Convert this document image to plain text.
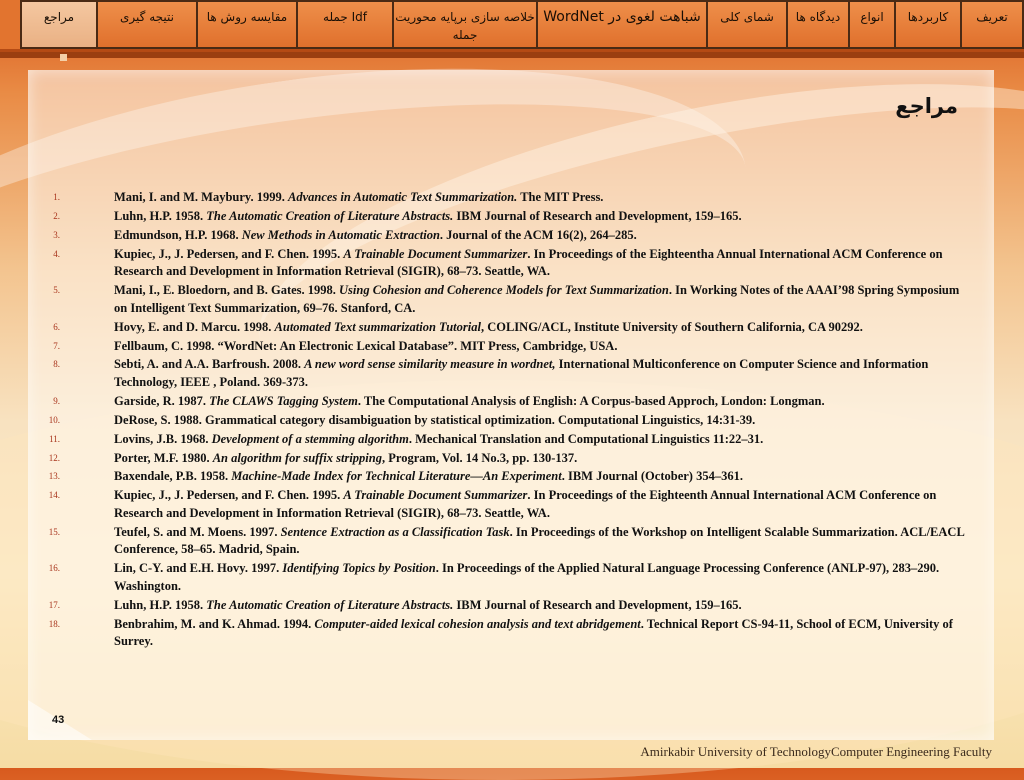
تعریف
کاربردها
انواع
دیدگاه ها
شمای کلی
شباهت لغوی در WordNet
خلاصه سازی برپایه محوریت جمله
Idf جمله
مقایسه روش ها
نتیجه گیری
مراجع
مراجع
1.	Mani, I. and M. Maybury. 1999. Advances in Automatic Text Summarization. The MIT Press.
2.	Luhn, H.P. 1958. The Automatic Creation of Literature Abstracts. IBM Journal of Research and Development, 159–165.
3.	Edmundson, H.P. 1968. New Methods in Automatic Extraction. Journal of the ACM 16(2), 264–285.
4.	Kupiec, J., J. Pedersen, and F. Chen. 1995. A Trainable Document Summarizer. In Proceedings of the Eighteentha Annual International ACM Conference on Research and Development in Information Retrieval (SIGIR), 68–73. Seattle, WA.
5.	Mani, I., E. Bloedorn, and B. Gates. 1998. Using Cohesion and Coherence Models for Text Summarization. In Working Notes of the AAAI’98 Spring Symposium on Intelligent Text Summarization, 69–76. Stanford, CA.
6.	Hovy, E. and D. Marcu. 1998. Automated Text summarization Tutorial, COLING/ACL, Institute University of Southern California, CA 90292.
7.	Fellbaum, C. 1998. “WordNet: An Electronic Lexical Database”. MIT Press, Cambridge, USA.
8.	Sebti, A. and A.A. Barfroush. 2008. A new word sense similarity measure in wordnet, International Multiconference on Computer Science and Information Technology, IEEE , Poland. 369-373.
9.	Garside, R. 1987. The CLAWS Tagging System. The Computational Analysis of English: A Corpus-based Approch, London: Longman.
10.	DeRose, S. 1988. Grammatical category disambiguation by statistical optimization. Computational Linguistics, 14:31-39.
11.	Lovins, J.B. 1968. Development of a stemming algorithm. Mechanical Translation and Computational Linguistics 11:22–31.
12.	Porter, M.F. 1980. An algorithm for suffix stripping, Program, Vol. 14 No.3, pp. 130-137.
13.	Baxendale, P.B. 1958. Machine-Made Index for Technical Literature—An Experiment. IBM Journal (October) 354–361.
14.	Kupiec, J., J. Pedersen, and F. Chen. 1995. A Trainable Document Summarizer. In Proceedings of the Eighteenth Annual International ACM Conference on Research and Development in Information Retrieval (SIGIR), 68–73. Seattle, WA.
15.	Teufel, S. and M. Moens. 1997. Sentence Extraction as a Classification Task. In Proceedings of the Workshop on Intelligent Scalable Summarization. ACL/EACL Conference, 58–65. Madrid, Spain.
16.	Lin, C-Y. and E.H. Hovy. 1997. Identifying Topics by Position. In Proceedings of the Applied Natural Language Processing Conference (ANLP-97), 283–290. Washington.
17.	Luhn, H.P. 1958. The Automatic Creation of Literature Abstracts. IBM Journal of Research and Development, 159–165.
18.	Benbrahim, M. and K. Ahmad. 1994. Computer-aided lexical cohesion analysis and text abridgement. Technical Report CS-94-11, School of ECM, University of Surrey.
43
Amirkabir University of TechnologyComputer Engineering Faculty
